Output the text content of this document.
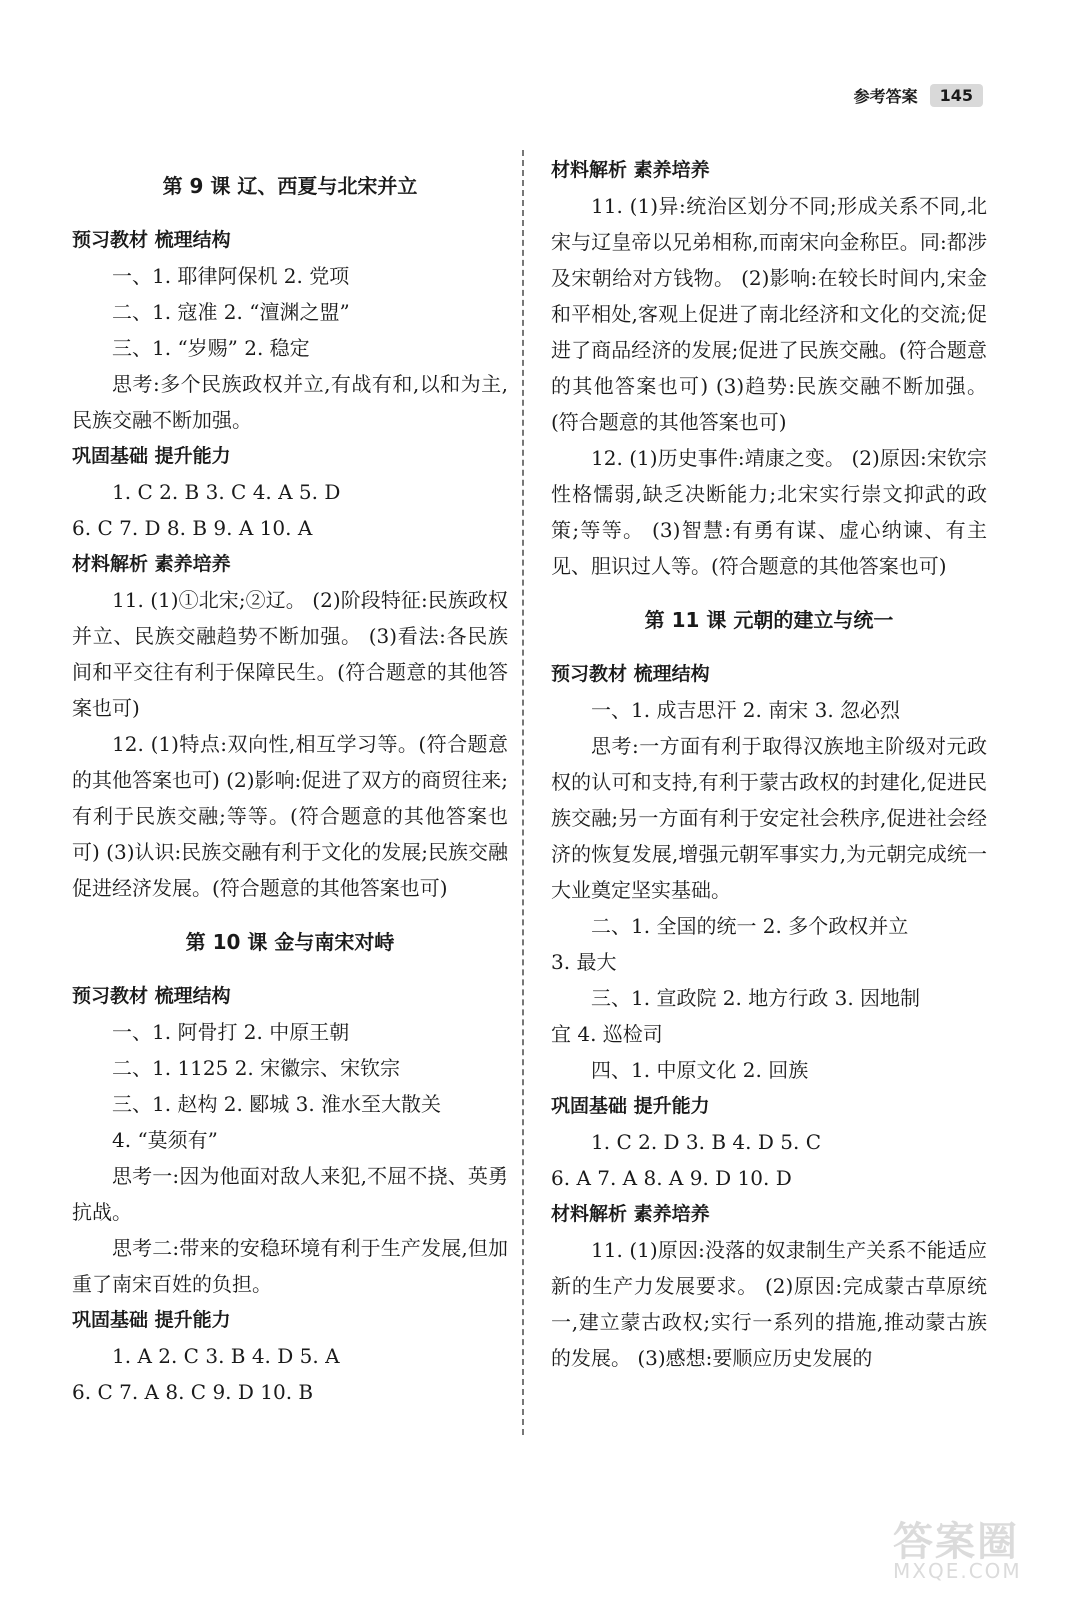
参考答案	145
第 9 课 辽、西夏与北宋并立
预习教材 梳理结构
一、1. 耶律阿保机 2. 党项
二、1. 寇准 2. “澶渊之盟”
三、1. “岁赐” 2. 稳定
思考:多个民族政权并立,有战有和,以和为主,民族交融不断加强。
巩固基础 提升能力
1. C 2. B 3. C 4. A 5. D
6. C 7. D 8. B 9. A 10. A
材料解析 素养培养
11. (1)①北宋;②辽。 (2)阶段特征:民族政权并立、民族交融趋势不断加强。 (3)看法:各民族间和平交往有利于保障民生。(符合题意的其他答案也可)
12. (1)特点:双向性,相互学习等。(符合题意的其他答案也可) (2)影响:促进了双方的商贸往来;有利于民族交融;等等。(符合题意的其他答案也可) (3)认识:民族交融有利于文化的发展;民族交融促进经济发展。(符合题意的其他答案也可)
第 10 课 金与南宋对峙
预习教材 梳理结构
一、1. 阿骨打 2. 中原王朝
二、1. 1125 2. 宋徽宗、宋钦宗
三、1. 赵构 2. 郾城 3. 淮水至大散关
4. “莫须有”
思考一:因为他面对敌人来犯,不屈不挠、英勇抗战。
思考二:带来的安稳环境有利于生产发展,但加重了南宋百姓的负担。
巩固基础 提升能力
1. A 2. C 3. B 4. D 5. A
6. C 7. A 8. C 9. D 10. B
材料解析 素养培养
11. (1)异:统治区划分不同;形成关系不同,北宋与辽皇帝以兄弟相称,而南宋向金称臣。同:都涉及宋朝给对方钱物。 (2)影响:在较长时间内,宋金和平相处,客观上促进了南北经济和文化的交流;促进了商品经济的发展;促进了民族交融。(符合题意的其他答案也可) (3)趋势:民族交融不断加强。(符合题意的其他答案也可)
12. (1)历史事件:靖康之变。 (2)原因:宋钦宗性格懦弱,缺乏决断能力;北宋实行崇文抑武的政策;等等。 (3)智慧:有勇有谋、虚心纳谏、有主见、胆识过人等。(符合题意的其他答案也可)
第 11 课 元朝的建立与统一
预习教材 梳理结构
一、1. 成吉思汗 2. 南宋 3. 忽必烈
思考:一方面有利于取得汉族地主阶级对元政权的认可和支持,有利于蒙古政权的封建化,促进民族交融;另一方面有利于安定社会秩序,促进社会经济的恢复发展,增强元朝军事实力,为元朝完成统一大业奠定坚实基础。
二、1. 全国的统一 2. 多个政权并立
3. 最大
三、1. 宣政院 2. 地方行政 3. 因地制
宜 4. 巡检司
四、1. 中原文化 2. 回族
巩固基础 提升能力
1. C 2. D 3. B 4. D 5. C
6. A 7. A 8. A 9. D 10. D
材料解析 素养培养
11. (1)原因:没落的奴隶制生产关系不能适应新的生产力发展要求。 (2)原因:完成蒙古草原统一,建立蒙古政权;实行一系列的措施,推动蒙古族的发展。 (3)感想:要顺应历史发展的
答案圈
MXQE.COM
